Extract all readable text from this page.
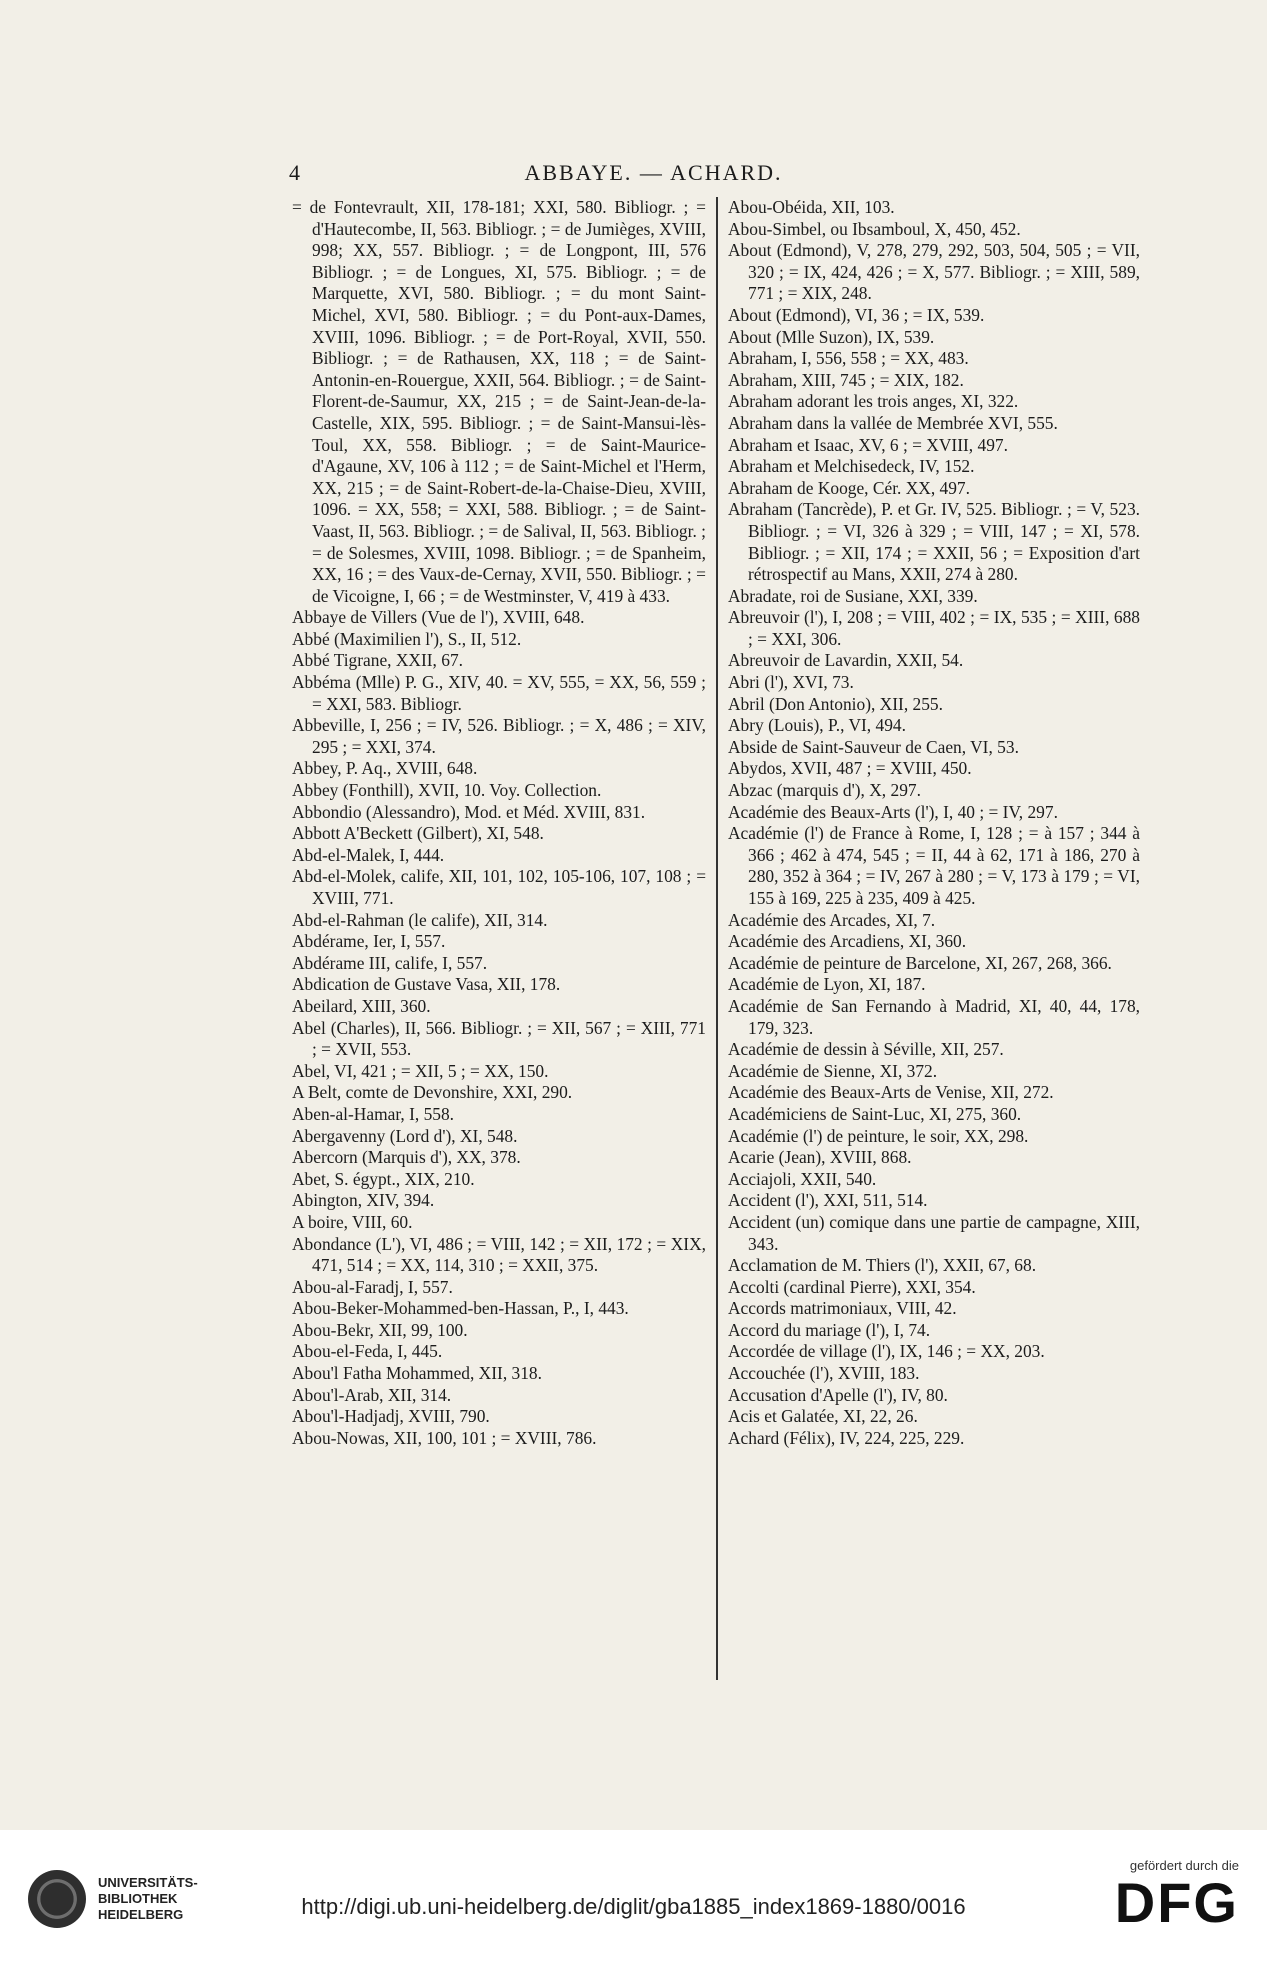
4	ABBAYE. — ACHARD.

= de Fontevrault, XII, 178-181; XXI, 580. Bibliogr. ; = d'Hautecombe, II, 563. Bibliogr. ; = de Jumièges, XVIII, 998; XX, 557. Bibliogr. ; = de Longpont, III, 576 Bibliogr. ; = de Longues, XI, 575. Bibliogr. ; = de Marquette, XVI, 580. Bibliogr. ; = du mont Saint-Michel, XVI, 580. Bibliogr. ; = du Pont-aux-Dames, XVIII, 1096. Bibliogr. ; = de Port-Royal, XVII, 550. Bibliogr. ; = de Rathausen, XX, 118 ; = de Saint-Antonin-en-Rouergue, XXII, 564. Bibliogr. ; = de Saint-Florent-de-Saumur, XX, 215 ; = de Saint-Jean-de-la-Castelle, XIX, 595. Bibliogr. ; = de Saint-Mansui-lès-Toul, XX, 558. Bibliogr. ; = de Saint-Maurice-d'Agaune, XV, 106 à 112 ; = de Saint-Michel et l'Herm, XX, 215 ; = de Saint-Robert-de-la-Chaise-Dieu, XVIII, 1096. = XX, 558; = XXI, 588. Bibliogr. ; = de Saint-Vaast, II, 563. Bibliogr. ; = de Salival, II, 563. Bibliogr. ; = de Solesmes, XVIII, 1098. Bibliogr. ; = de Spanheim, XX, 16 ; = des Vaux-de-Cernay, XVII, 550. Bibliogr. ; = de Vicoigne, I, 66 ; = de Westminster, V, 419 à 433.

Abbaye de Villers (Vue de l'), XVIII, 648.

Abbé (Maximilien l'), S., II, 512.

Abbé Tigrane, XXII, 67.

Abbéma (Mlle) P. G., XIV, 40. = XV, 555, = XX, 56, 559 ; = XXI, 583. Bibliogr.

Abbeville, I, 256 ; = IV, 526. Bibliogr. ; = X, 486 ; = XIV, 295 ; = XXI, 374.

Abbey, P. Aq., XVIII, 648.

Abbey (Fonthill), XVII, 10. Voy. Collection.

Abbondio (Alessandro), Mod. et Méd. XVIII, 831.

Abbott A'Beckett (Gilbert), XI, 548.

Abd-el-Malek, I, 444.

Abd-el-Molek, calife, XII, 101, 102, 105-106, 107, 108 ; = XVIII, 771.

Abd-el-Rahman (le calife), XII, 314.

Abdérame, Ier, I, 557.

Abdérame III, calife, I, 557.

Abdication de Gustave Vasa, XII, 178.

Abeilard, XIII, 360.

Abel (Charles), II, 566. Bibliogr. ; = XII, 567 ; = XIII, 771 ; = XVII, 553.

Abel, VI, 421 ; = XII, 5 ; = XX, 150.

A Belt, comte de Devonshire, XXI, 290.

Aben-al-Hamar, I, 558.

Abergavenny (Lord d'), XI, 548.

Abercorn (Marquis d'), XX, 378.

Abet, S. égypt., XIX, 210.

Abington, XIV, 394.

A boire, VIII, 60.

Abondance (L'), VI, 486 ; = VIII, 142 ; = XII, 172 ; = XIX, 471, 514 ; = XX, 114, 310 ; = XXII, 375.

Abou-al-Faradj, I, 557.

Abou-Beker-Mohammed-ben-Hassan, P., I, 443.

Abou-Bekr, XII, 99, 100.

Abou-el-Feda, I, 445.

Abou'l Fatha Mohammed, XII, 318.

Abou'l-Arab, XII, 314.

Abou'l-Hadjadj, XVIII, 790.

Abou-Nowas, XII, 100, 101 ; = XVIII, 786.

Abou-Obéida, XII, 103.

Abou-Simbel, ou Ibsamboul, X, 450, 452.

About (Edmond), V, 278, 279, 292, 503, 504, 505 ; = VII, 320 ; = IX, 424, 426 ; = X, 577. Bibliogr. ; = XIII, 589, 771 ; = XIX, 248.

About (Edmond), VI, 36 ; = IX, 539.

About (Mlle Suzon), IX, 539.

Abraham, I, 556, 558 ; = XX, 483.

Abraham, XIII, 745 ; = XIX, 182.

Abraham adorant les trois anges, XI, 322.

Abraham dans la vallée de Membrée XVI, 555.

Abraham et Isaac, XV, 6 ; = XVIII, 497.

Abraham et Melchisedeck, IV, 152.

Abraham de Kooge, Cér. XX, 497.

Abraham (Tancrède), P. et Gr. IV, 525. Bibliogr. ; = V, 523. Bibliogr. ; = VI, 326 à 329 ; = VIII, 147 ; = XI, 578. Bibliogr. ; = XII, 174 ; = XXII, 56 ; = Exposition d'art rétrospectif au Mans, XXII, 274 à 280.

Abradate, roi de Susiane, XXI, 339.

Abreuvoir (l'), I, 208 ; = VIII, 402 ; = IX, 535 ; = XIII, 688 ; = XXI, 306.

Abreuvoir de Lavardin, XXII, 54.

Abri (l'), XVI, 73.

Abril (Don Antonio), XII, 255.

Abry (Louis), P., VI, 494.

Abside de Saint-Sauveur de Caen, VI, 53.

Abydos, XVII, 487 ; = XVIII, 450.

Abzac (marquis d'), X, 297.

Académie des Beaux-Arts (l'), I, 40 ; = IV, 297.

Académie (l') de France à Rome, I, 128 ; = à 157 ; 344 à 366 ; 462 à 474, 545 ; = II, 44 à 62, 171 à 186, 270 à 280, 352 à 364 ; = IV, 267 à 280 ; = V, 173 à 179 ; = VI, 155 à 169, 225 à 235, 409 à 425.

Académie des Arcades, XI, 7.

Académie des Arcadiens, XI, 360.

Académie de peinture de Barcelone, XI, 267, 268, 366.

Académie de Lyon, XI, 187.

Académie de San Fernando à Madrid, XI, 40, 44, 178, 179, 323.

Académie de dessin à Séville, XII, 257.

Académie de Sienne, XI, 372.

Académie des Beaux-Arts de Venise, XII, 272.

Académiciens de Saint-Luc, XI, 275, 360.

Académie (l') de peinture, le soir, XX, 298.

Acarie (Jean), XVIII, 868.

Acciajoli, XXII, 540.

Accident (l'), XXI, 511, 514.

Accident (un) comique dans une partie de campagne, XIII, 343.

Acclamation de M. Thiers (l'), XXII, 67, 68.

Accolti (cardinal Pierre), XXI, 354.

Accords matrimoniaux, VIII, 42.

Accord du mariage (l'), I, 74.

Accordée de village (l'), IX, 146 ; = XX, 203.

Accouchée (l'), XVIII, 183.

Accusation d'Apelle (l'), IV, 80.

Acis et Galatée, XI, 22, 26.

Achard (Félix), IV, 224, 225, 229.

UNIVERSITÄTS-
BIBLIOTHEK
HEIDELBERG	http://digi.ub.uni-heidelberg.de/diglit/gba1885_index1869-1880/0016
gefördert durch die
DFG
